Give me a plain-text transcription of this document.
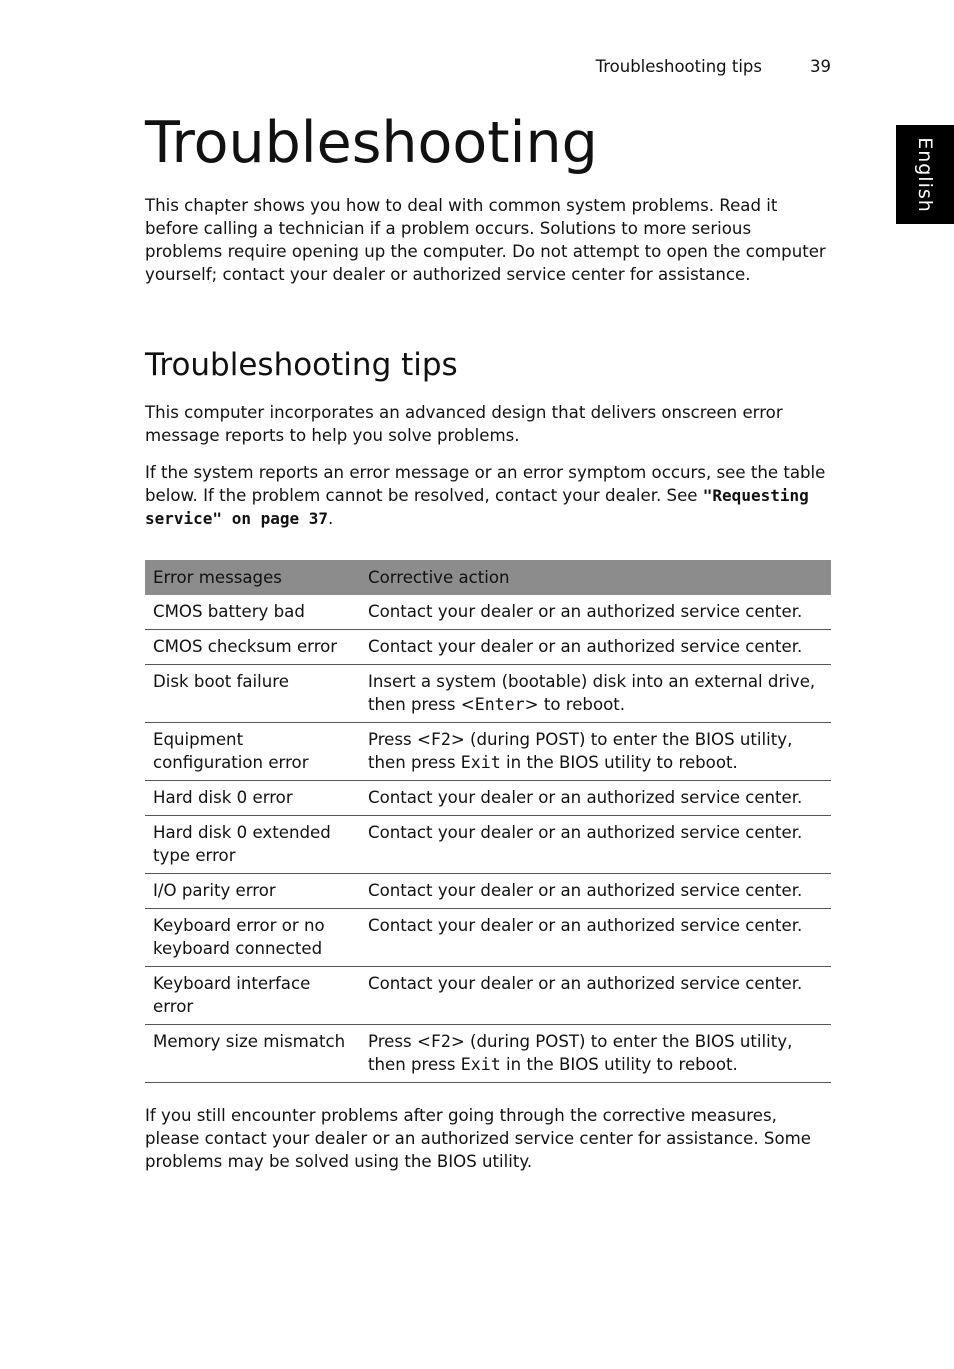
English
Troubleshooting tips	39
Troubleshooting

This chapter shows you how to deal with common system problems. Read it before calling a technician if a problem occurs. Solutions to more serious problems require opening up the computer. Do not attempt to open the computer yourself; contact your dealer or authorized service center for assistance.

Troubleshooting tips

This computer incorporates an advanced design that delivers onscreen error message reports to help you solve problems.

If the system reports an error message or an error symptom occurs, see the table below. If the problem cannot be resolved, contact your dealer. See "Requesting service" on page 37.

Error messages	Corrective action
CMOS battery bad	Contact your dealer or an authorized service center.
CMOS checksum error	Contact your dealer or an authorized service center.
Disk boot failure	Insert a system (bootable) disk into an external drive, then press <Enter> to reboot.
Equipment configuration error	Press <F2> (during POST) to enter the BIOS utility, then press Exit in the BIOS utility to reboot.
Hard disk 0 error	Contact your dealer or an authorized service center.
Hard disk 0 extended type error	Contact your dealer or an authorized service center.
I/O parity error	Contact your dealer or an authorized service center.
Keyboard error or no keyboard connected	Contact your dealer or an authorized service center.
Keyboard interface error	Contact your dealer or an authorized service center.
Memory size mismatch	Press <F2> (during POST) to enter the BIOS utility, then press Exit in the BIOS utility to reboot.

If you still encounter problems after going through the corrective measures, please contact your dealer or an authorized service center for assistance. Some problems may be solved using the BIOS utility.
